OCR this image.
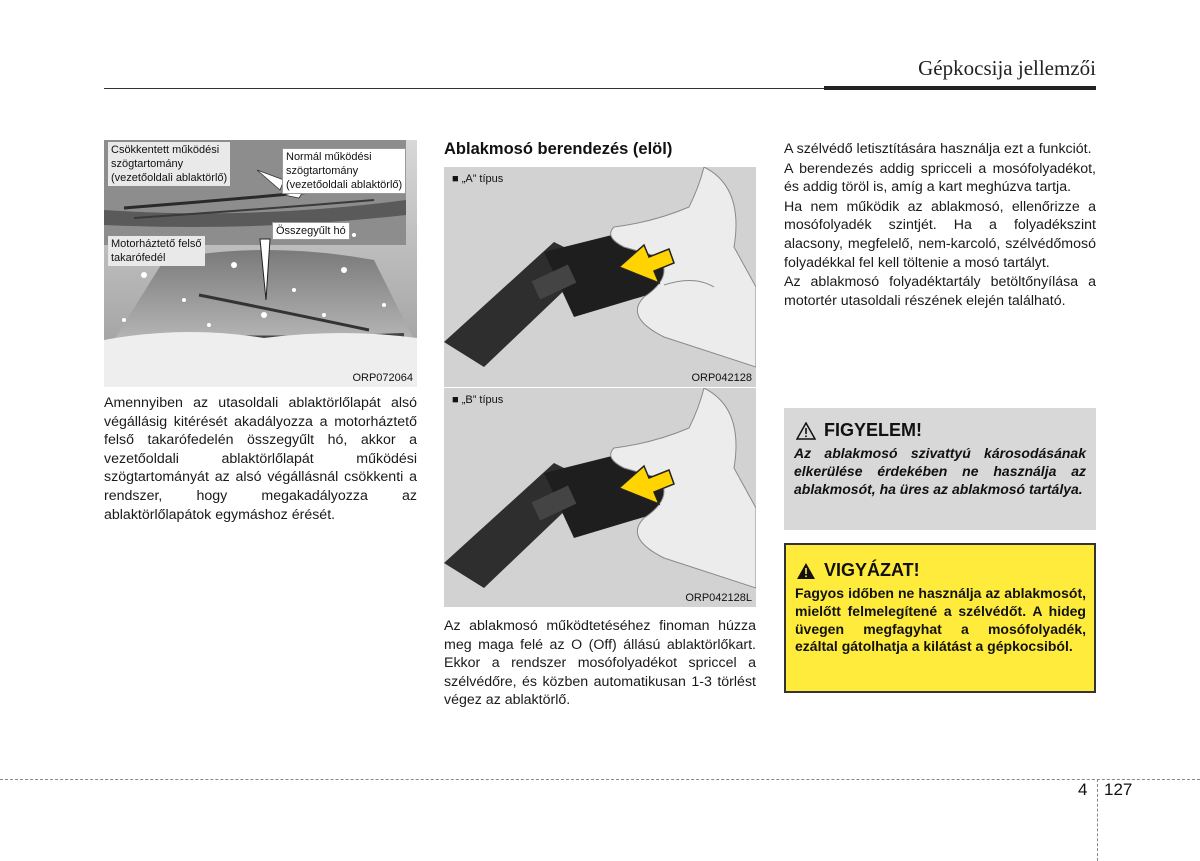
Gépkocsija jellemzői
Csökkentett működési
szögtartomány
(vezetőoldali ablaktörlő)
Normál működési
szögtartomány
(vezetőoldali ablaktörlő)
Összegyűlt hó
Motorháztető felső
takarófedél
ORP072064
Amennyiben az utasoldali ablaktörlőlapát alsó végállásig kitérését akadályozza a motorháztető felső takarófedelén összegyűlt hó, akkor a vezetőoldali ablaktörlőlapát működési szögtartományát az alsó végállásnál csökkenti a rendszer, hogy megakadályozza az ablaktörlőlapátok egymáshoz érését.
Ablakmosó berendezés (elöl)
■ „A” típus
ORP042128
■ „B” típus
ORP042128L
Az ablakmosó működtetéséhez finoman húzza meg maga felé az O (Off) állású ablaktörlőkart. Ekkor a rendszer mosófolyadékot spriccel a szélvédőre, és közben automatikusan 1-3 törlést végez az ablaktörlő.

A szélvédő letisztítására használja ezt a funkciót.

A berendezés addig spricceli a mosófolyadékot, és addig töröl is, amíg a kart meghúzva tartja.

Ha nem működik az ablakmosó, ellenőrizze a mosófolyadék szintjét. Ha a folyadékszint alacsony, megfelelő, nem-karcoló, szélvédőmosó folyadékkal fel kell töltenie a mosó tartályt.

Az ablakmosó folyadéktartály betöltőnyílása a motortér utasoldali részének elején található.

FIGYELEM!
Az ablakmosó szivattyú károsodásának elkerülése érdekében ne használja az ablakmosót, ha üres az ablakmosó tartálya.
VIGYÁZAT!
Fagyos időben ne használja az ablakmosót, mielőtt felmelegítené a szélvédőt. A hideg üvegen megfagyhat a mosófolyadék, ezáltal gátolhatja a kilátást a gépkocsiból.
4 127
